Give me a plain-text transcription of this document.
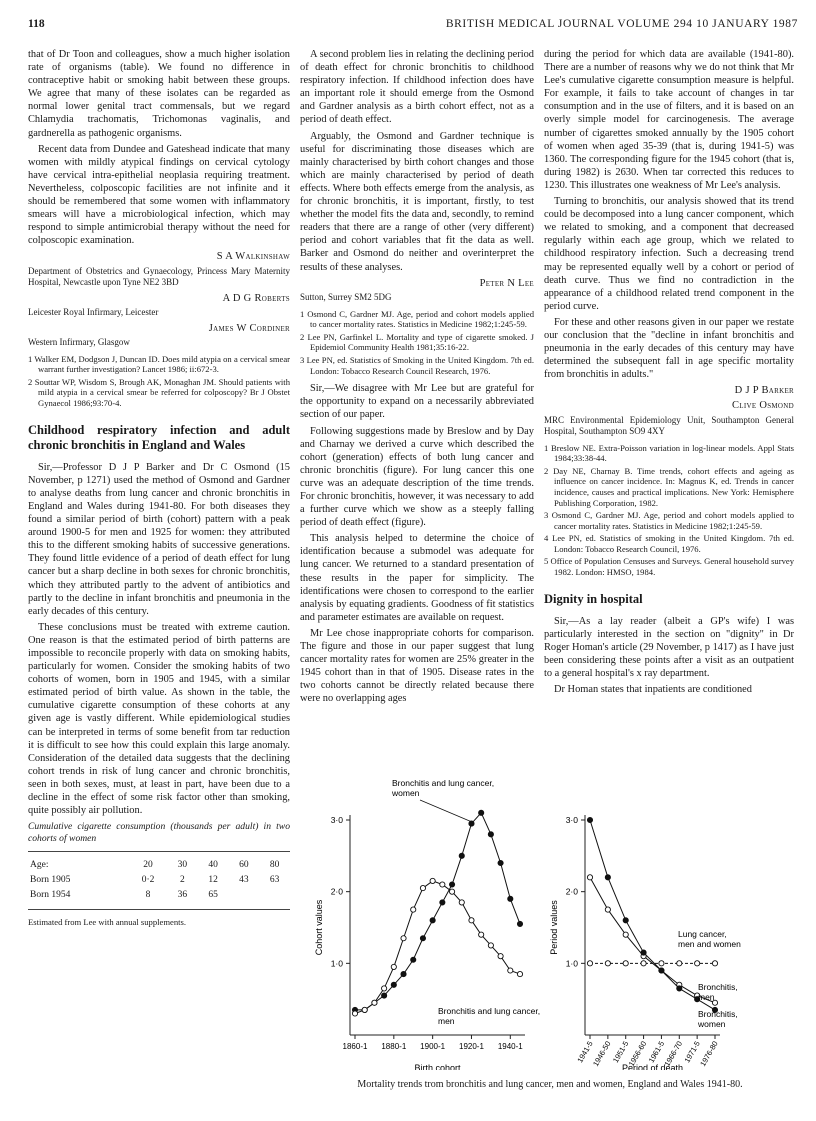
118	BRITISH MEDICAL JOURNAL VOLUME 294 10 JANUARY 1987

that of Dr Toon and colleagues, show a much higher isolation rate of organisms (table). We found no difference in contraceptive habit or smoking habit between these groups. We agree that many of these isolates can be regarded as normal lower genital tract commensals, but we regard Chlamydia trachomatis, Trichomonas vaginalis, and gardnerella as pathogenic organisms.

Recent data from Dundee and Gateshead indicate that many women with mildly atypical findings on cervical cytology have cervical intra-epithelial neoplasia requiring treatment. Nevertheless, colposcopic facilities are not infinite and it should be remembered that some women with inflammatory smears will have a microbiological infection, which may respond to simple antimicrobial therapy without the need for colposcopic examination.

S A Walkinshaw
Department of Obstetrics and Gynaecology, Princess Mary Maternity Hospital, Newcastle upon Tyne NE2 3BD
A D G Roberts
Leicester Royal Infirmary, Leicester
James W Cordiner
Western Infirmary, Glasgow
1 Walker EM, Dodgson J, Duncan ID. Does mild atypia on a cervical smear warrant further investigation? Lancet 1986; ii:672-3.
2 Souttar WP, Wisdom S, Brough AK, Monaghan JM. Should patients with mild atypia in a cervical smear be referred for colposcopy? Br J Obstet Gynaecol 1986;93:70-4.
Childhood respiratory infection and adult chronic bronchitis in England and Wales

Sir,—Professor D J P Barker and Dr C Osmond (15 November, p 1271) used the method of Osmond and Gardner to analyse deaths from lung cancer and chronic bronchitis in England and Wales during 1941-80. For both diseases they found a similar period of birth (cohort) pattern with a peak around 1900-5 for men and 1925 for women: they attributed this to the different smoking habits of successive generations. They found little evidence of a period of death effect for lung cancer but a sharp decline in both sexes for chronic bronchitis, which they attributed partly to the advent of antibiotics and partly to the decline in infant bronchitis and pneumonia in the early decades of this century.

These conclusions must be treated with extreme caution. One reason is that the estimated period of birth patterns are impossible to reconcile properly with data on smoking habits, particularly for women. Consider the smoking habits of two cohorts of women, born in 1905 and 1945, with a similar estimated period of birth value. As shown in the table, the cumulative cigarette consumption of these cohorts at any given age is vastly different. While epidemiological studies can be interpreted in terms of some benefit from tar reduction it is difficult to see how this could explain this large anomaly. Consideration of the detailed data suggests that the declining cohort trends in risk of lung cancer and chronic bronchitis, seen in both sexes, must, at least in part, have been due to a decline in the effect of some risk factor other than smoking, quite possibly air pollution.

Cumulative cigarette consumption (thousands per adult) in two cohorts of women
Age:	20	30	40	60	80
Born 1905	0·2	2	12	43	63
Born 1954	8	36	65		
Estimated from Lee with annual supplements.

A second problem lies in relating the declining period of death effect for chronic bronchitis to childhood respiratory infection. If childhood infection does have an important role it should emerge from the Osmond and Gardner analysis as a birth cohort effect, not as a period of death effect.

Arguably, the Osmond and Gardner technique is useful for discriminating those diseases which are mainly characterised by birth cohort changes and those which are mainly characterised by period of death effects. Where both effects emerge from the analysis, as for chronic bronchitis, it is important, firstly, to test whether the model fits the data and, secondly, to remind readers that there are a range of other (very different) period and cohort variables that fit the data as well. Barker and Osmond do neither and overinterpret the results of these analyses.

Peter N Lee
Sutton, Surrey SM2 5DG
1 Osmond C, Gardner MJ. Age, period and cohort models applied to cancer mortality rates. Statistics in Medicine 1982;1:245-59.
2 Lee PN, Garfinkel L. Mortality and type of cigarette smoked. J Epidemiol Community Health 1981;35:16-22.
3 Lee PN, ed. Statistics of Smoking in the United Kingdom. 7th ed. London: Tobacco Research Council Research, 1976.

Sir,—We disagree with Mr Lee but are grateful for the opportunity to expand on a necessarily abbreviated section of our paper.

Following suggestions made by Breslow and by Day and Charnay we derived a curve which described the cohort (generation) effects of both lung cancer and chronic bronchitis (figure). For lung cancer this one curve was an adequate description of the time trends. For chronic bronchitis, however, it was necessary to add a further curve which we show as a steeply falling period of death effect (figure).

This analysis helped to determine the choice of identification because a submodel was adequate for lung cancer. We returned to a standard presentation of these results in the paper for simplicity. The identifications were chosen to correspond to the earlier analysis by equating gradients. Goodness of fit statistics and parameter estimates are available on request.

Mr Lee chose inappropriate cohorts for comparison. The figure and those in our paper suggest that lung cancer mortality rates for women are 25% greater in the 1945 cohort than in that of 1905. Disease rates in the two cohorts cannot be directly related because there were no overlapping ages

during the period for which data are available (1941-80). There are a number of reasons why we do not think that Mr Lee's cumulative cigarette consumption measure is helpful. For example, it fails to take account of changes in tar consumption and in the use of filters, and it is based on an overly simple model for carcinogenesis. The average number of cigarettes smoked annually by the 1905 cohort of women when aged 35-39 (that is, during 1941-5) was 1360. The corresponding figure for the 1945 cohort (that is, during 1982) is 2630. When tar corrected this reduces to 1230. This illustrates one weakness of Mr Lee's analysis.

Turning to bronchitis, our analysis showed that its trend could be decomposed into a lung cancer component, which we related to smoking, and a component that decreased regularly within each age group, which we related to childhood respiratory infection. Such a decreasing trend may be represented equally well by a cohort or period of death curve. Thus we find no contradiction in the appearance of a childhood related trend component in the period curve.

For these and other reasons given in our paper we restate our conclusion that the "decline in infant bronchitis and pneumonia in the early decades of this century may have determined the subsequent fall in age specific mortality from bronchitis in adults."

D J P Barker
Clive Osmond
MRC Environmental Epidemiology Unit, Southampton General Hospital, Southampton SO9 4XY
1 Breslow NE. Extra-Poisson variation in log-linear models. Appl Stats 1984;33:38-44.
2 Day NE, Charnay B. Time trends, cohort effects and ageing as influence on cancer incidence. In: Magnus K, ed. Trends in cancer incidence, causes and practical implications. New York: Hemisphere Publishing Corporation, 1982.
3 Osmond C, Gardner MJ. Age, period and cohort models applied to cancer mortality rates. Statistics in Medicine 1982;1:245-59.
4 Lee PN, ed. Statistics of smoking in the United Kingdom. 7th ed. London: Tobacco Research Council, 1976.
5 Office of Population Censuses and Surveys. General household survey 1982. London: HMSO, 1984.
Dignity in hospital

Sir,—As a lay reader (albeit a GP's wife) I was particularly interested in the section on "dignity" in Dr Roger Homan's article (29 November, p 1417) as I have just been considering these points after a visit as an outpatient to a general hospital's x ray department.

Dr Homan states that inpatients are conditioned

3·0
2·0
1·0
Cohort values
1860-1 1880-1 1900-1 1920-1 1940-1
Birth cohort
3·0
2·0
1·0
Period values
1941-5
1946-50
1951-5
1956-60
1961-5
1966-70
1971-5
1976-80
Period of death
Bronchitis and lung cancer,
women
Bronchitis and lung cancer,
men
Lung cancer,
men and women
Bronchitis,
men
Bronchitis,
women
Mortality trends trom bronchitis and lung cancer, men and women, England and Wales 1941-80.
